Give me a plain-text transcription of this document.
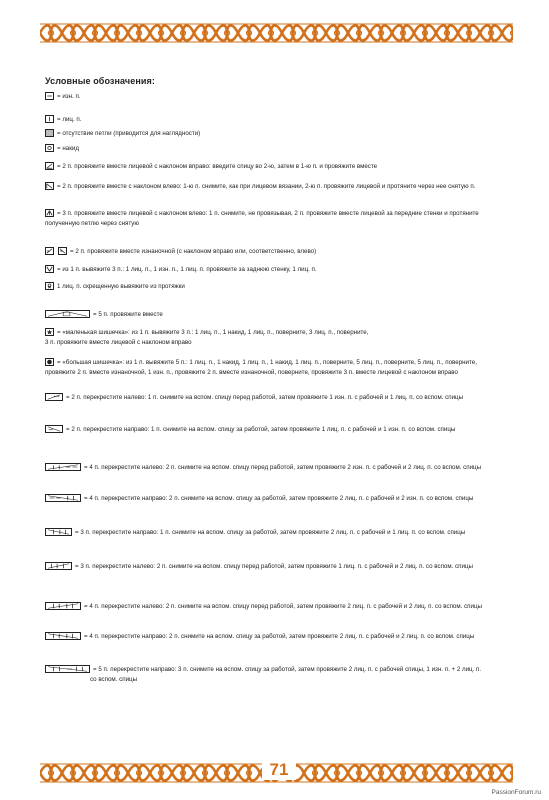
Условные обозначения:
= изн. п.
= лиц. п.
= отсутствие петли (приводится для наглядности)
= накид
= 2 п. провяжите вместе лицевой с наклоном вправо: введите спицу во 2-ю, затем в 1-ю п. и провяжите вместе
= 2 п. провяжите вместе с наклоном влево: 1-ю п. снимите, как при лицевом вязании, 2-ю п. провяжите лицевой и протяните через нее снятую п.
= 3 п. провяжите вместе лицевой с наклоном влево: 1 п. снимите, не провязывая, 2 п. провяжите вместе лицевой за передние стенки и протяните
полученную петлю через снятую
= 2 п. провяжите вместе изнаночной (с наклоном вправо или, соответственно, влево)
= из 1 п. вывяжите 3 п.: 1 лиц. п., 1 изн. п., 1 лиц. п. провяжите за заднюю стенку, 1 лиц. п.
1 лиц. п. скрещенную вывяжите из протяжки
= 5 п. провяжите вместе
= «маленькая шишечка»: из 1 п. вывяжите 3 п.: 1 лиц. п., 1 накид, 1 лиц. п., поверните, 3 лиц. п., поверните,
3 п. провяжите вместе лицевой с наклоном вправо
= «большая шишечка»: из 1 п. вывяжите 5 п.: 1 лиц. п., 1 накид, 1 лиц. п., 1 накид, 1 лиц. п., поверните, 5 лиц. п., поверните, 5 лиц. п., поверните,
провяжите 2 п. вместе изнаночной, 1 изн. п., провяжите 2 п. вместе изнаночной, поверните, провяжите 3 п. вместе лицевой с наклоном вправо
= 2 п. перекрестите налево: 1 п. снимите на вспом. спицу перед работой, затем провяжите 1 изн. п. с рабочей и 1 лиц. п. со вспом. спицы
= 2 п. перекрестите направо: 1 п. снимите на вспом. спицу за работой, затем провяжите 1 лиц. п. с рабочей и 1 изн. п. со вспом. спицы
= 4 п. перекрестите налево: 2 п. снимите на вспом. спицу перед работой, затем провяжите 2 изн. п. с рабочей и 2 лиц. п. со вспом. спицы
= 4 п. перекрестите направо: 2 п. снимите на вспом. спицу за работой, затем провяжите 2 лиц. п. с рабочей и 2 изн. п. со вспом. спицы
= 3 п. перекрестите направо: 1 п. снимите на вспом. спицу за работой, затем провяжите 2 лиц. п. с рабочей и 1 лиц. п. со вспом. спицы
= 3 п. перекрестите налево: 2 п. снимите на вспом. спицу перед работой, затем провяжите 1 лиц. п. с рабочей и 2 лиц. п. со вспом. спицы
= 4 п. перекрестите налево: 2 п. снимите на вспом. спицу перед работой, затем провяжите 2 лиц. п. с рабочей и 2 лиц. п. со вспом. спицы
= 4 п. перекрестите направо: 2 п. снимите на вспом. спицу за работой, затем провяжите 2 лиц. п. с рабочей и 2 лиц. п. со вспом. спицы
= 5 п. перекрестите направо: 3 п. снимите на вспом. спицу за работой, затем провяжите 2 лиц. п. с рабочей спицы, 1 изн. п. + 2 лиц. п.
со вспом. спицы
71
PassionForum.ru
